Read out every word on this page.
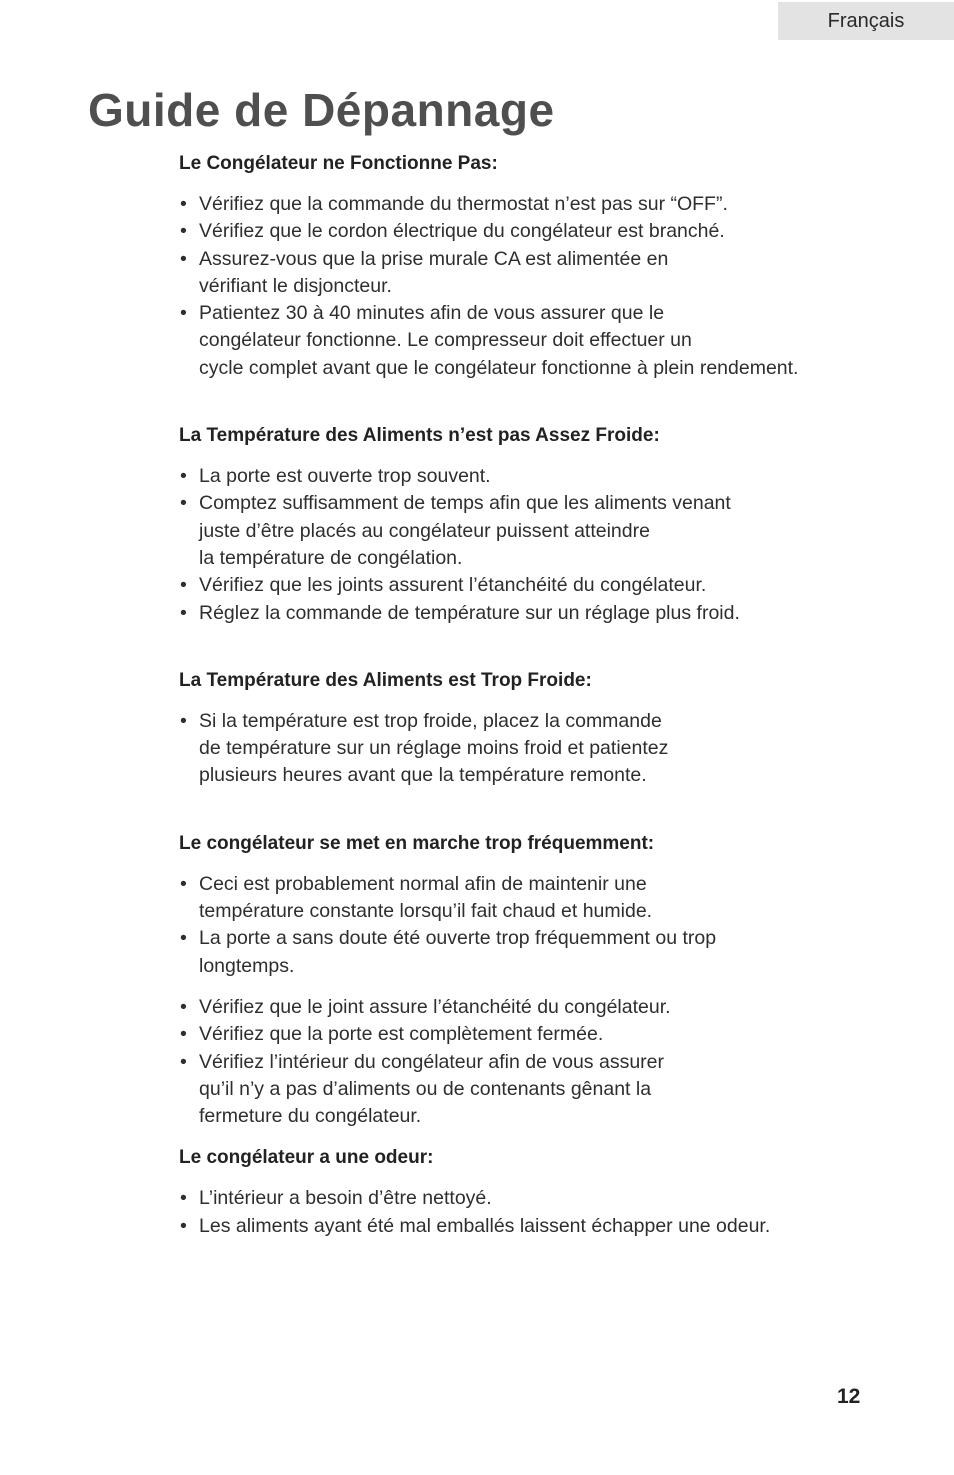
Français
Guide de Dépannage
Le Congélateur ne Fonctionne Pas:
• Vérifiez que la commande du thermostat n’est pas sur “OFF”.
• Vérifiez que le cordon électrique du congélateur est branché.
• Assurez-vous que la prise murale CA est alimentée en
vérifiant le disjoncteur.
• Patientez 30 à 40 minutes afin de vous assurer que le
congélateur fonctionne. Le compresseur doit effectuer un
cycle complet avant que le congélateur fonctionne à plein rendement.
La Température des Aliments n’est pas Assez Froide:
• La porte est ouverte trop souvent.
• Comptez suffisamment de temps afin que les aliments venant
juste d’être placés au congélateur puissent atteindre
la température de congélation.
• Vérifiez que les joints assurent l’étanchéité du congélateur.
• Réglez la commande de température sur un réglage plus froid.
La Température des Aliments est Trop Froide:
• Si la température est trop froide, placez la commande
de température sur un réglage moins froid et patientez
plusieurs heures avant que la température remonte.
Le congélateur se met en marche trop fréquemment:
• Ceci est probablement normal afin de maintenir une
température constante lorsqu’il fait chaud et humide.
• La porte a sans doute été ouverte trop fréquemment ou trop
longtemps.
• Vérifiez que le joint assure l’étanchéité du congélateur.
• Vérifiez que la porte est complètement fermée.
• Vérifiez l’intérieur du congélateur afin de vous assurer
qu’il n’y a pas d’aliments ou de contenants gênant la
fermeture du congélateur.
Le congélateur a une odeur:
• L’intérieur a besoin d’être nettoyé.
• Les aliments ayant été mal emballés laissent échapper une odeur.
12
